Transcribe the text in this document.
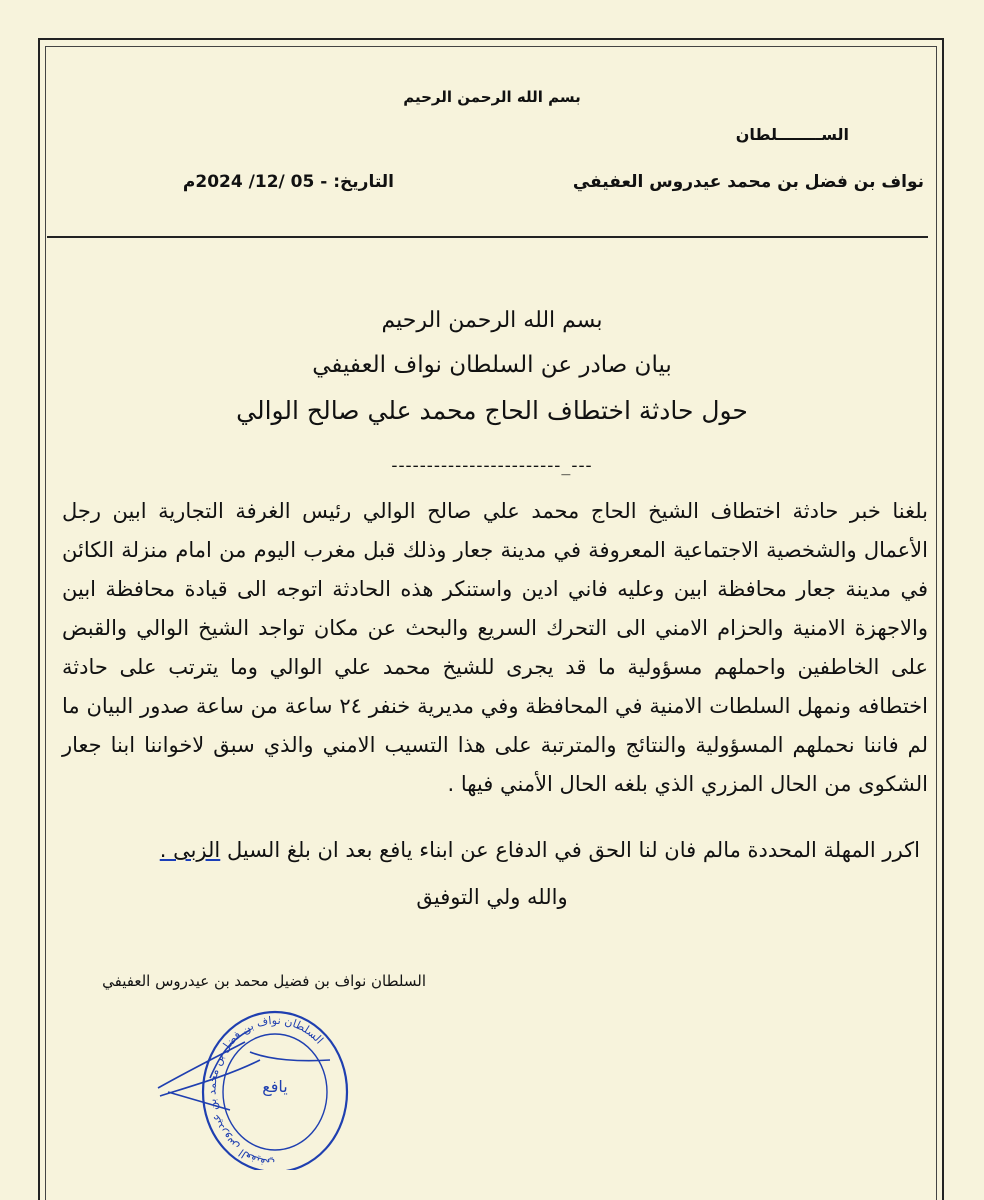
بسم الله الرحمن الرحيم
الســــــــلطان
نواف بن فضل بن محمد عيدروس العفيفي
التاريخ: - 05 /12/ 2024م
بسم الله الرحمن الرحيم
بيان صادر عن السلطان نواف العفيفي
حول حادثة اختطاف الحاج محمد علي صالح الوالي
------------------------_---

بلغنا خبر حادثة اختطاف الشيخ الحاج محمد علي صالح الوالي رئيس الغرفة التجارية ابين رجل الأعمال والشخصية الاجتماعية المعروفة في مدينة جعار وذلك قبل مغرب اليوم من امام منزلة الكائن في مدينة جعار محافظة ابين وعليه فاني ادين واستنكر هذه الحادثة اتوجه الى قيادة محافظة ابين والاجهزة الامنية والحزام الامني الى التحرك السريع والبحث عن مكان تواجد الشيخ الوالي والقبض على الخاطفين واحملهم مسؤولية ما قد يجرى للشيخ محمد علي الوالي وما يترتب على حادثة اختطافه ونمهل السلطات الامنية في المحافظة وفي مديرية خنفر ٢٤ ساعة من ساعة صدور البيان ما لم فاننا نحملهم المسؤولية والنتائج والمترتبة على هذا التسيب الامني والذي سبق لاخواننا ابنا جعار الشكوى من الحال المزري الذي بلغه الحال الأمني فيها .

اكرر المهلة المحددة مالم فان لنا الحق في الدفاع عن ابناء يافع بعد ان بلغ السيل الزبى .
والله ولي التوفيق
السلطان نواف بن فضيل محمد بن عيدروس العفيفي
السلطان نواف بن فضل بن محمد بن عيدروس العفيفي
يافع
